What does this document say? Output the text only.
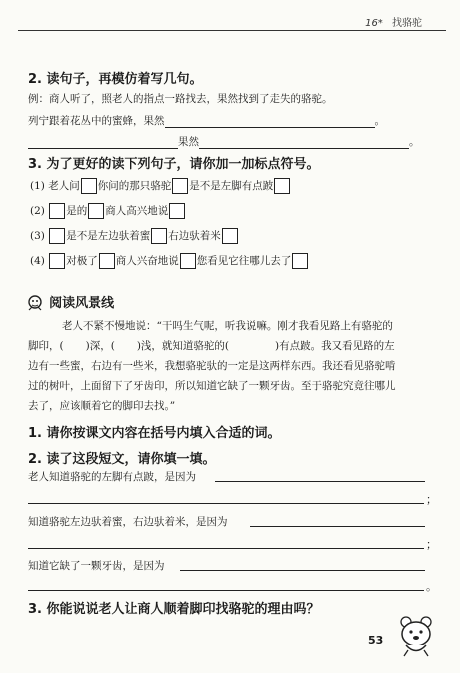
16* 找骆驼
2. 读句子，再模仿着写几句。
例：商人听了，照老人的指点一路找去，果然找到了走失的骆驼。
列宁跟着花丛中的蜜蜂，果然	。
果然	。
3. 为了更好的读下列句子，请你加一加标点符号。
(1) 老人问 你问的那只骆驼 是不是左脚有点跛
(2) 是的 商人高兴地说
(3) 是不是左边驮着蜜 右边驮着米
(4) 对极了 商人兴奋地说 您看见它往哪儿去了
阅读风景线
老人不紧不慢地说：“干吗生气呢，听我说嘛。刚才我看见路上有骆驼的
脚印，( )深，( )浅，就知道骆驼的(	)有点跛。我又看见路的左
边有一些蜜，右边有一些米，我想骆驼驮的一定是这两样东西。我还看见骆驼啃
过的树叶，上面留下了牙齿印，所以知道它缺了一颗牙齿。至于骆驼究竟往哪儿
去了，应该顺着它的脚印去找。”
1. 请你按课文内容在括号内填入合适的词。
2. 读了这段短文，请你填一填。
老人知道骆驼的左脚有点跛，是因为
；
知道骆驼左边驮着蜜，右边驮着米，是因为
；
知道它缺了一颗牙齿，是因为
。
3. 你能说说老人让商人顺着脚印找骆驼的理由吗？
53
